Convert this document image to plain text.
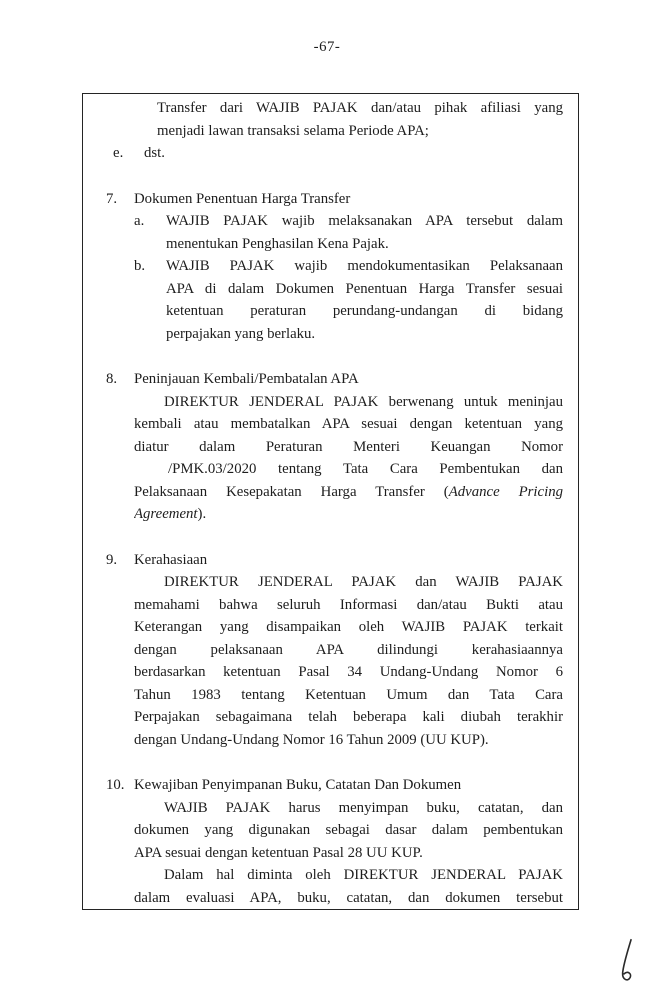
-67-
Transfer dari WAJIB PAJAK dan/atau pihak afiliasi yang
menjadi lawan transaksi selama Periode APA;
e.	dst.
7.	Dokumen Penentuan Harga Transfer
a.	WAJIB PAJAK wajib melaksanakan APA tersebut dalam
menentukan Penghasilan Kena Pajak.
b.	WAJIB PAJAK wajib mendokumentasikan Pelaksanaan
APA di dalam Dokumen Penentuan Harga Transfer sesuai
ketentuan peraturan perundang-undangan di bidang
perpajakan yang berlaku.
8.	Peninjauan Kembali/Pembatalan APA
DIREKTUR JENDERAL PAJAK berwenang untuk meninjau
kembali atau membatalkan APA sesuai dengan ketentuan yang
diatur dalam Peraturan Menteri Keuangan Nomor
/PMK.03/2020 tentang Tata Cara Pembentukan dan
Pelaksanaan Kesepakatan Harga Transfer (Advance Pricing
Agreement).
9.	Kerahasiaan
DIREKTUR JENDERAL PAJAK dan WAJIB PAJAK
memahami bahwa seluruh Informasi dan/atau Bukti atau
Keterangan yang disampaikan oleh WAJIB PAJAK terkait
dengan pelaksanaan APA dilindungi kerahasiaannya
berdasarkan ketentuan Pasal 34 Undang-Undang Nomor 6
Tahun 1983 tentang Ketentuan Umum dan Tata Cara
Perpajakan sebagaimana telah beberapa kali diubah terakhir
dengan Undang-Undang Nomor 16 Tahun 2009 (UU KUP).
10. Kewajiban Penyimpanan Buku, Catatan Dan Dokumen
WAJIB PAJAK harus menyimpan buku, catatan, dan
dokumen yang digunakan sebagai dasar dalam pembentukan
APA sesuai dengan ketentuan Pasal 28 UU KUP.
Dalam hal diminta oleh DIREKTUR JENDERAL PAJAK
dalam evaluasi APA, buku, catatan, dan dokumen tersebut
